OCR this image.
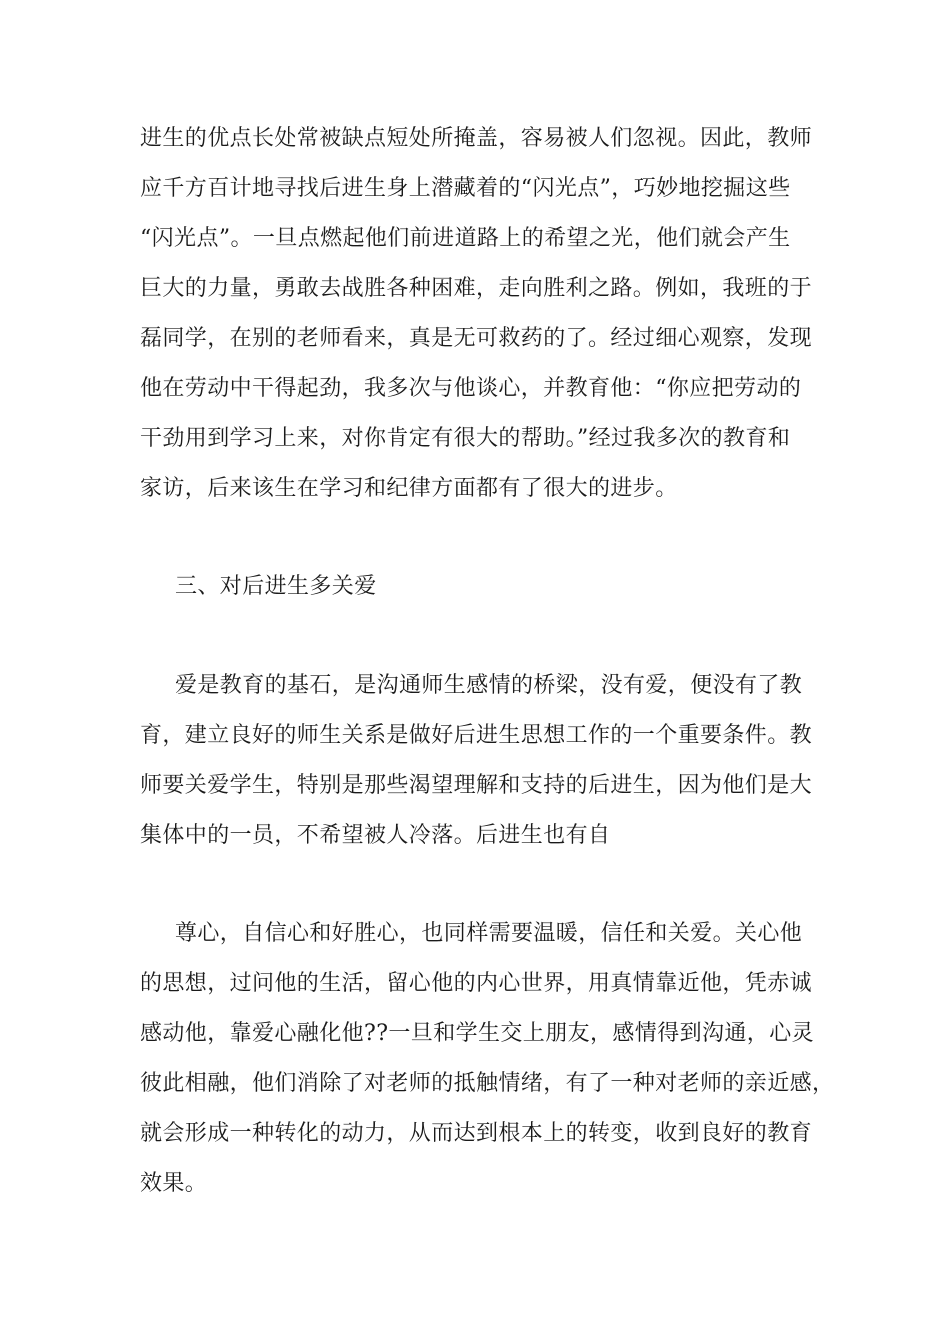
进生的优点长处常被缺点短处所掩盖，容易被人们忽视。因此，教师

应千方百计地寻找后进生身上潜藏着的“闪光点”，巧妙地挖掘这些

“闪光点”。一旦点燃起他们前进道路上的希望之光，他们就会产生

巨大的力量，勇敢去战胜各种困难，走向胜利之路。例如，我班的于

磊同学，在别的老师看来，真是无可救药的了。经过细心观察，发现

他在劳动中干得起劲，我多次与他谈心，并教育他：“你应把劳动的

干劲用到学习上来，对你肯定有很大的帮助。”经过我多次的教育和

家访，后来该生在学习和纪律方面都有了很大的进步。

三、对后进生多关爱

爱是教育的基石，是沟通师生感情的桥梁，没有爱，便没有了教

育，建立良好的师生关系是做好后进生思想工作的一个重要条件。教

师要关爱学生，特别是那些渴望理解和支持的后进生，因为他们是大

集体中的一员，不希望被人冷落。后进生也有自

尊心，自信心和好胜心，也同样需要温暖，信任和关爱。关心他

的思想，过问他的生活，留心他的内心世界，用真情靠近他，凭赤诚

感动他，靠爱心融化他??一旦和学生交上朋友，感情得到沟通，心灵

彼此相融，他们消除了对老师的抵触情绪，有了一种对老师的亲近感，

就会形成一种转化的动力，从而达到根本上的转变，收到良好的教育

效果。
